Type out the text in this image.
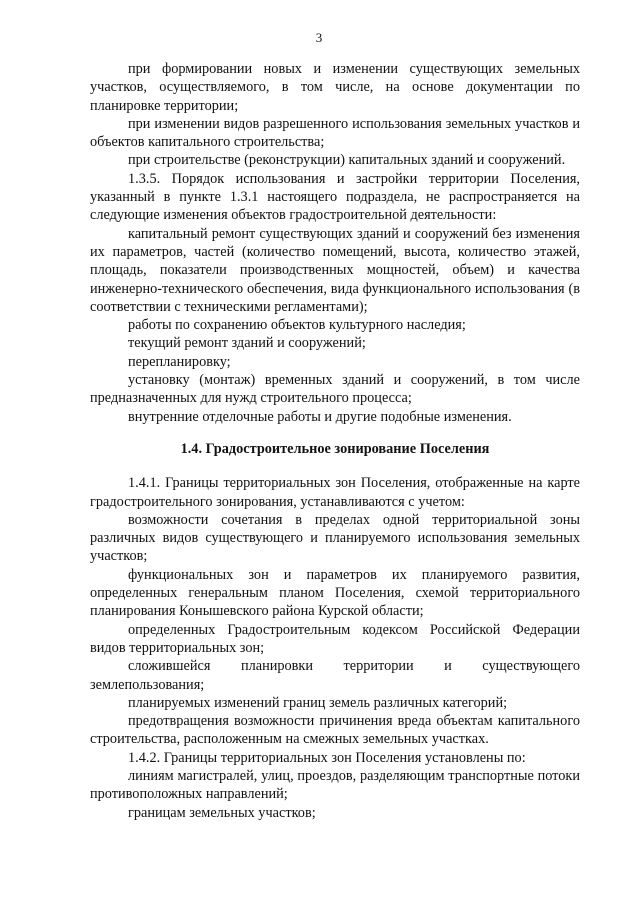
3

при формировании новых и изменении существующих земельных участков, осуществляемого, в том числе, на основе документации по планировке территории;

при изменении видов разрешенного использования земельных участков и объектов капитального строительства;

при строительстве (реконструкции) капитальных зданий и сооружений.

1.3.5. Порядок использования и застройки территории Поселения, указанный в пункте 1.3.1 настоящего подраздела, не распространяется на следующие изменения объектов градостроительной деятельности:

капитальный ремонт существующих зданий и сооружений без изменения их параметров, частей (количество помещений, высота, количество этажей, площадь, показатели производственных мощностей, объем) и качества инженерно-технического обеспечения, вида функционального использования (в соответствии с техническими регламентами);

работы по сохранению объектов культурного наследия;

текущий ремонт зданий и сооружений;

перепланировку;

установку (монтаж) временных зданий и сооружений, в том числе предназначенных для нужд строительного процесса;

внутренние отделочные работы и другие подобные изменения.

1.4. Градостроительное зонирование Поселения

1.4.1. Границы территориальных зон Поселения, отображенные на карте градостроительного зонирования, устанавливаются с учетом:

возможности сочетания в пределах одной территориальной зоны различных видов существующего и планируемого использования земельных участков;

функциональных зон и параметров их планируемого развития, определенных генеральным планом Поселения, схемой территориального планирования Конышевского района Курской области;

определенных Градостроительным кодексом Российской Федерации видов территориальных зон;

сложившейся планировки территории и существующего землепользования;

планируемых изменений границ земель различных категорий;

предотвращения возможности причинения вреда объектам капитального строительства, расположенным на смежных земельных участках.

1.4.2. Границы территориальных зон Поселения установлены по:

линиям магистралей, улиц, проездов, разделяющим транспортные потоки противоположных направлений;

границам земельных участков;
